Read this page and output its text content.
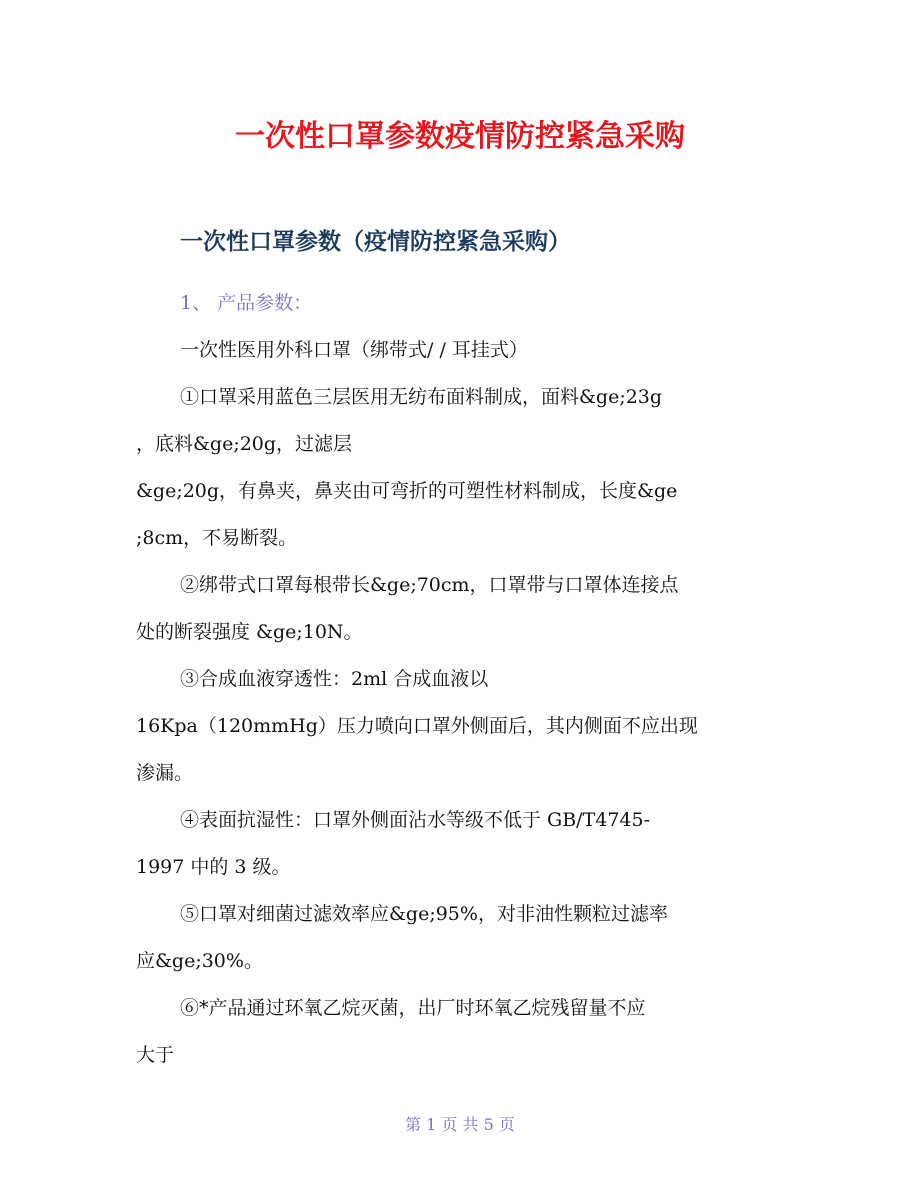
一次性口罩参数疫情防控紧急采购
一次性口罩参数（疫情防控紧急采购）

1、 产品参数：

一次性医用外科口罩（绑带式/ / 耳挂式）

①口罩采用蓝色三层医用无纺布面料制成，面料&ge;23g

，底料&ge;20g，过滤层

&ge;20g，有鼻夹，鼻夹由可弯折的可塑性材料制成，长度&ge

;8cm，不易断裂。

②绑带式口罩每根带长&ge;70cm，口罩带与口罩体连接点

处的断裂强度 &ge;10N。

③合成血液穿透性：2ml 合成血液以

16Kpa（120mmHg）压力喷向口罩外侧面后，其内侧面不应出现

渗漏。

④表面抗湿性：口罩外侧面沾水等级不低于 GB/T4745-

1997 中的 3 级。

⑤口罩对细菌过滤效率应&ge;95%，对非油性颗粒过滤率

应&ge;30%。

⑥*产品通过环氧乙烷灭菌，出厂时环氧乙烷残留量不应

大于

第 1 页 共 5 页
